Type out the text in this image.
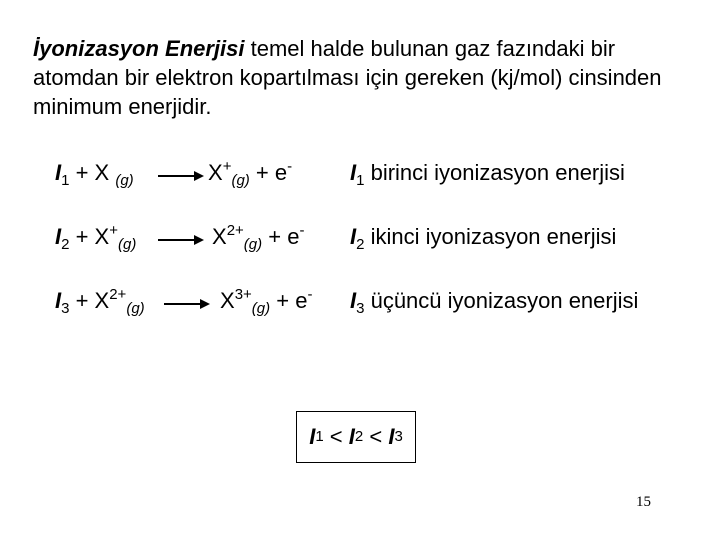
İyonizasyon Enerjisi temel halde bulunan gaz fazındaki bir atomdan bir elektron kopartılması için gereken (kj/mol) cinsinden minimum enerjidir.
$I_1 + X$ $_{(g)}$	$X^+_{(g)} + e^-$	$I_1$ birinci iyonizasyon enerjisi
$I_2 + X^+_{(g)}$	$X^{2+}_{(g)} + e^-$ $I_2$ ikinci iyonizasyon enerjisi
$I_3 + X^{2+}_{(g)}$	$X^{3+}_{(g)} + e^-$ $I_3$ üçüncü iyonizasyon enerjisi
I 1 < I 2 < I 3
15
